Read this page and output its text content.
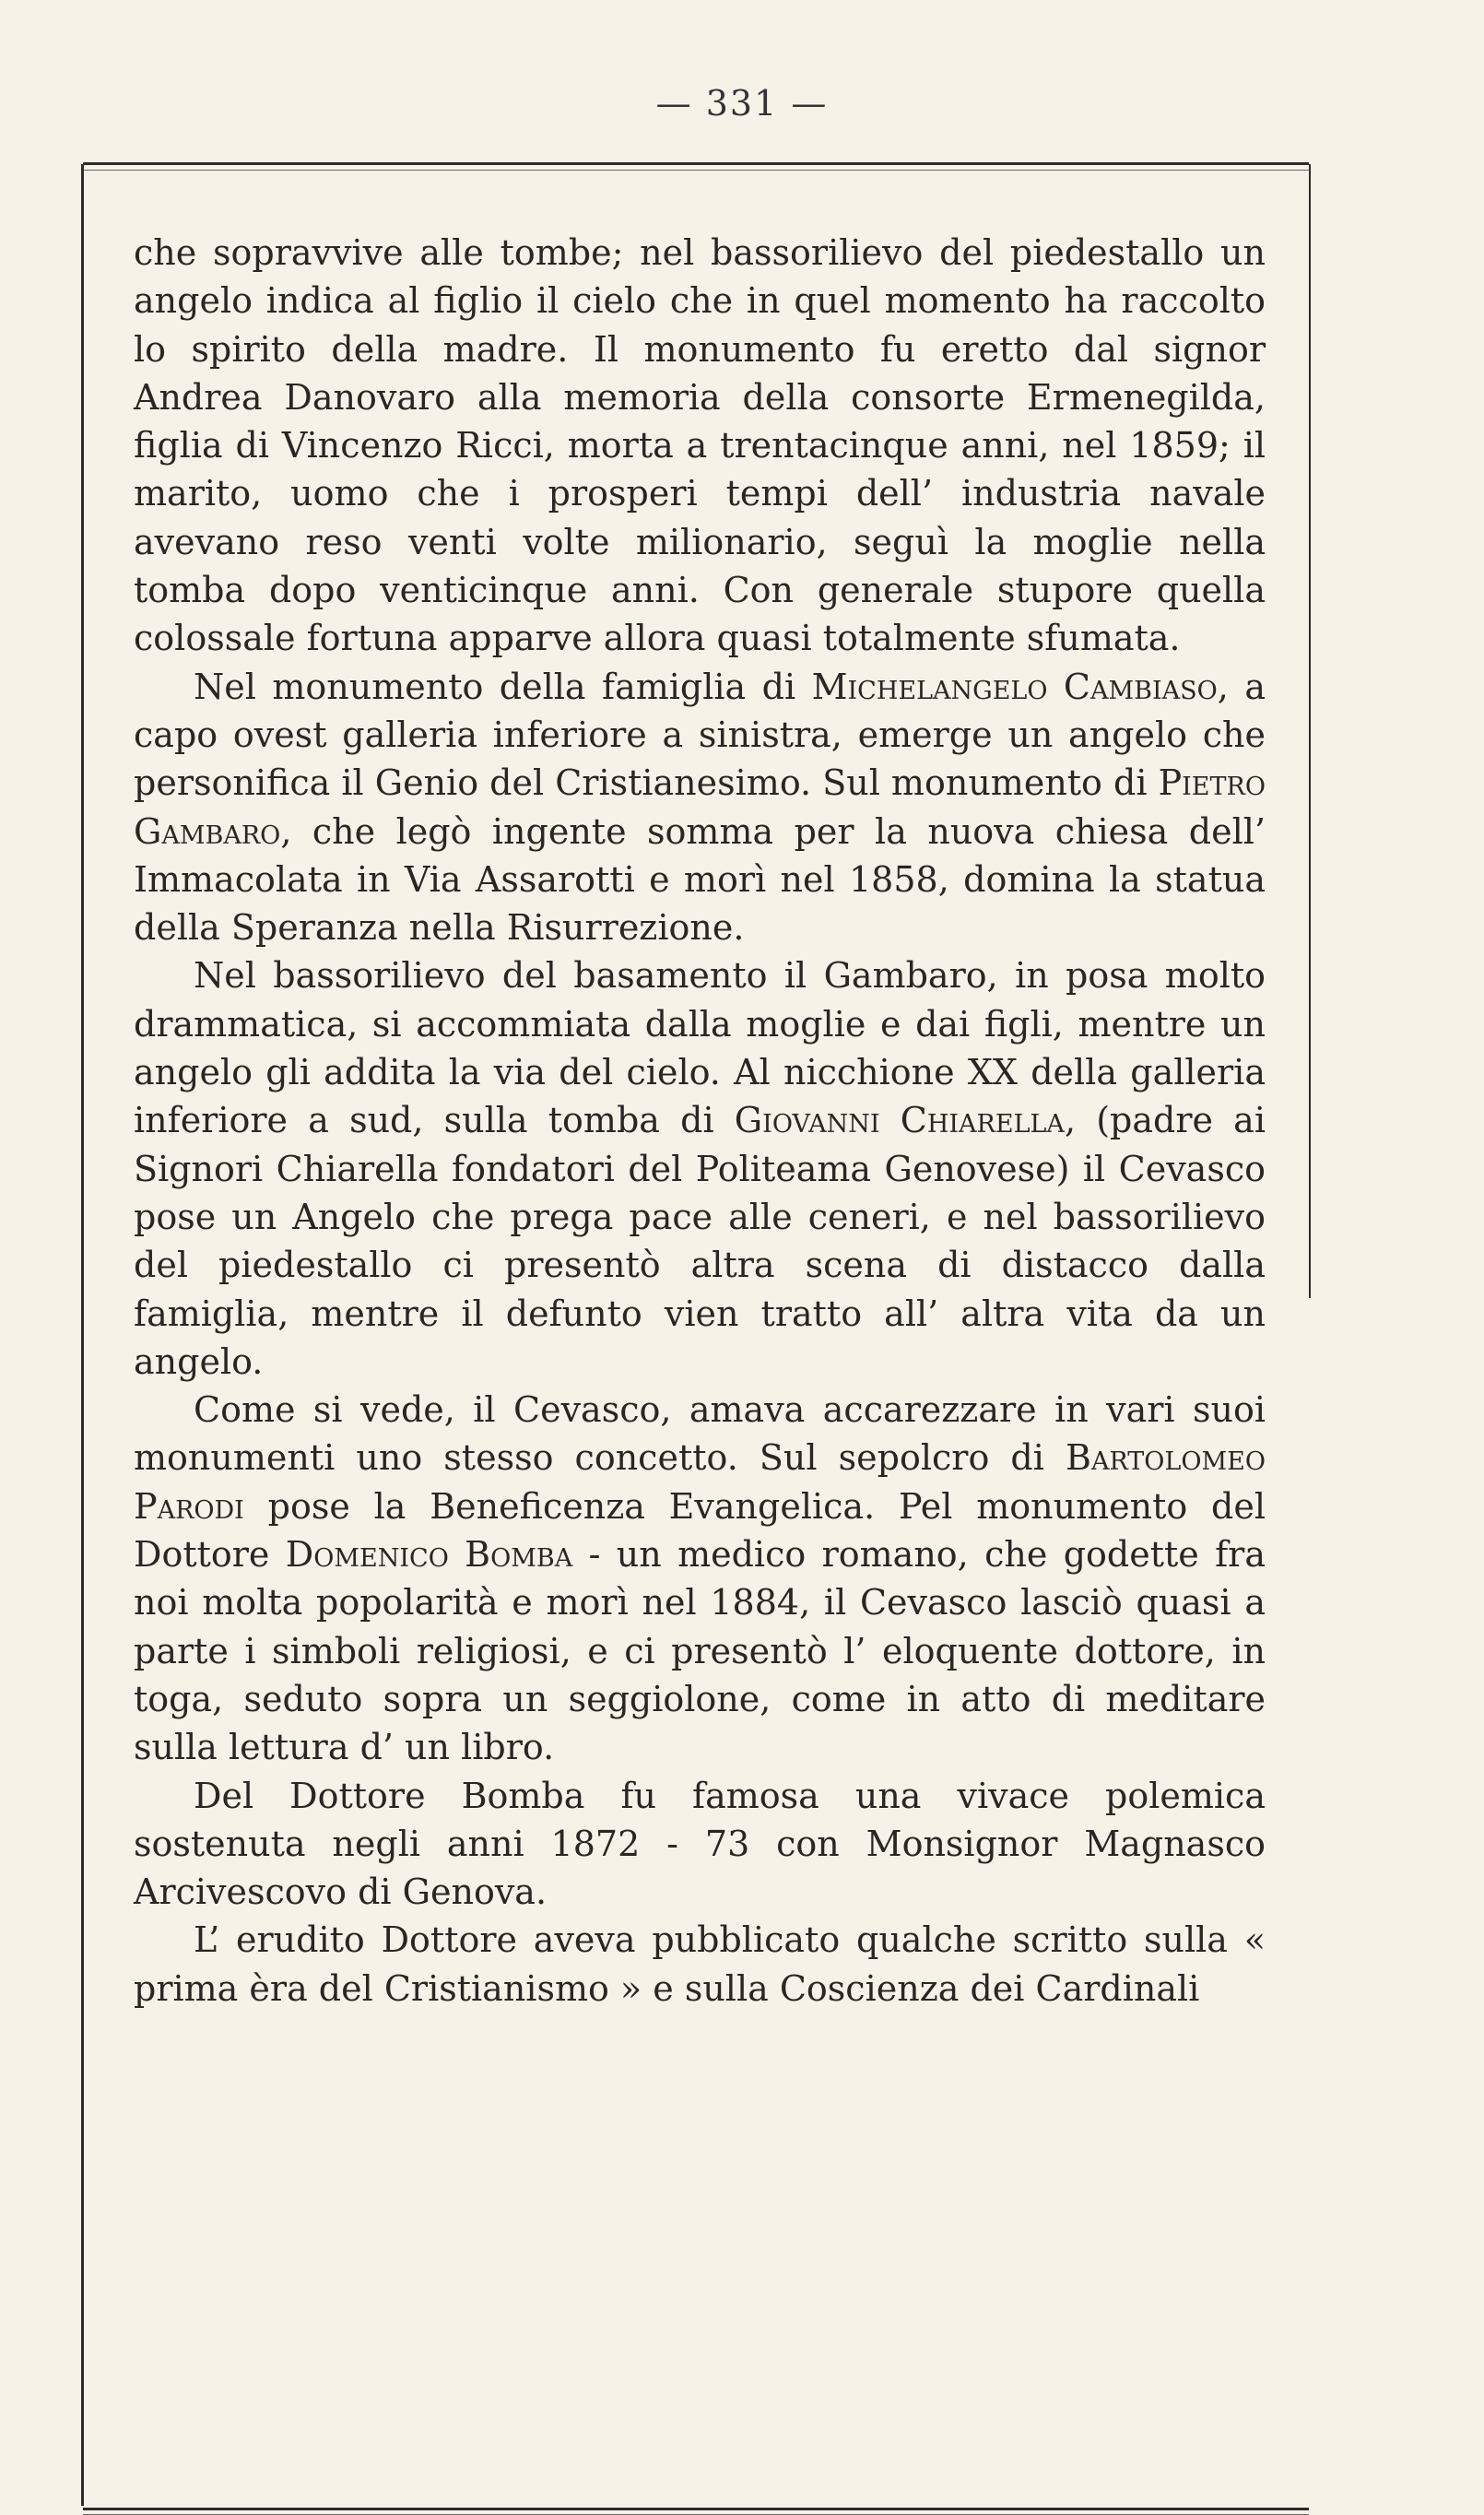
— 331 —

che sopravvive alle tombe; nel bassorilievo del piedestallo un angelo indica al figlio il cielo che in quel momento ha raccolto lo spirito della madre. Il monumento fu eretto dal signor Andrea Danovaro alla memoria della consorte Ermenegilda, figlia di Vincenzo Ricci, morta a trentacinque anni, nel 1859; il marito, uomo che i prosperi tempi dell’ industria navale avevano reso venti volte milionario, seguì la moglie nella tomba dopo venticinque anni. Con generale stupore quella colossale fortuna apparve allora quasi totalmente sfumata.

Nel monumento della famiglia di Michelangelo Cambiaso, a capo ovest galleria inferiore a sinistra, emerge un angelo che personifica il Genio del Cristianesimo. Sul monumento di Pietro Gambaro, che legò ingente somma per la nuova chiesa dell’ Immacolata in Via Assarotti e morì nel 1858, domina la statua della Speranza nella Risurrezione.

Nel bassorilievo del basamento il Gambaro, in posa molto drammatica, si accommiata dalla moglie e dai figli, mentre un angelo gli addita la via del cielo. Al nicchione XX della galleria inferiore a sud, sulla tomba di Giovanni Chiarella, (padre ai Signori Chiarella fondatori del Politeama Genovese) il Cevasco pose un Angelo che prega pace alle ceneri, e nel bassorilievo del piedestallo ci presentò altra scena di distacco dalla famiglia, mentre il defunto vien tratto all’ altra vita da un angelo.

Come si vede, il Cevasco, amava accarezzare in vari suoi monumenti uno stesso concetto. Sul sepolcro di Bartolomeo Parodi pose la Beneficenza Evangelica. Pel monumento del Dottore Domenico Bomba - un medico romano, che godette fra noi molta popolarità e morì nel 1884, il Cevasco lasciò quasi a parte i simboli religiosi, e ci presentò l’ eloquente dottore, in toga, seduto sopra un seggiolone, come in atto di meditare sulla lettura d’ un libro.

Del Dottore Bomba fu famosa una vivace polemica sostenuta negli anni 1872 - 73 con Monsignor Magnasco Arcivescovo di Genova.

L’ erudito Dottore aveva pubblicato qualche scritto sulla « prima èra del Cristianismo » e sulla Coscienza dei Cardinali
